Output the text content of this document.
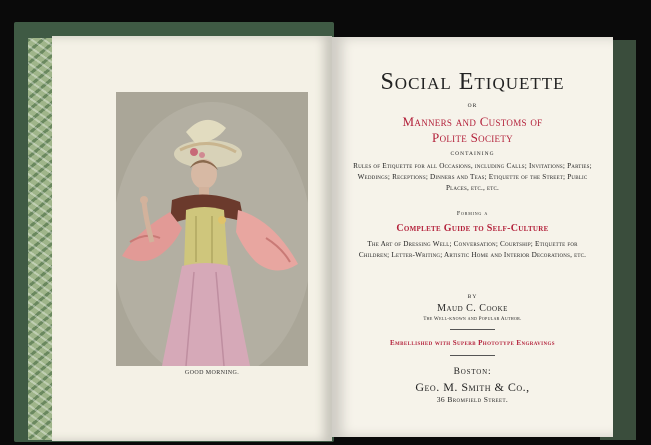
GOOD MORNING.
Social Etiquette
OR
Manners and Customs of
Polite Society
CONTAINING
Rules of Etiquette for all Occasions, including Calls; Invitations; Parties; Weddings; Receptions; Dinners and Teas; Etiquette of the Street; Public Places, etc., etc.
Forming a
Complete Guide to Self-Culture
The Art of Dressing Well; Conversation; Courtship; Etiquette for Children; Letter-Writing; Artistic Home and Interior Decorations, etc.
BY
Maud C. Cooke
The Well-known and Popular Author.
Embellished with Superb Phototype Engravings
Boston:
Geo. M. Smith & Co.,
36 Bromfield Street.
